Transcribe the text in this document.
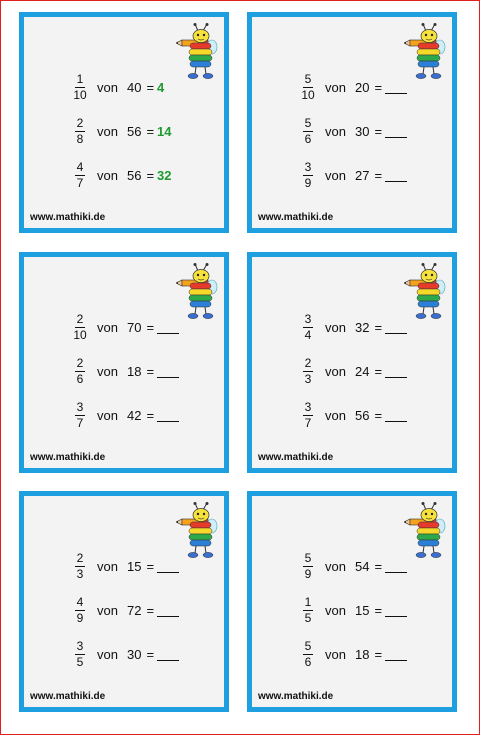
$\frac{1}{10}$ von 40 = 4
$\frac{2}{8}$ von 56 = 14
$\frac{4}{7}$ von 56 = 32
www.mathiki.de
$\frac{5}{10}$ von 20 =
$\frac{5}{6}$ von 30 =
$\frac{3}{9}$ von 27 =
www.mathiki.de
$\frac{2}{10}$ von 70 =
$\frac{2}{6}$ von 18 =
$\frac{3}{7}$ von 42 =
www.mathiki.de
$\frac{3}{4}$ von 32 =
$\frac{2}{3}$ von 24 =
$\frac{3}{7}$ von 56 =
www.mathiki.de
$\frac{2}{3}$ von 15 =
$\frac{4}{9}$ von 72 =
$\frac{3}{5}$ von 30 =
www.mathiki.de
$\frac{5}{9}$ von 54 =
$\frac{1}{5}$ von 15 =
$\frac{5}{6}$ von 18 =
www.mathiki.de
